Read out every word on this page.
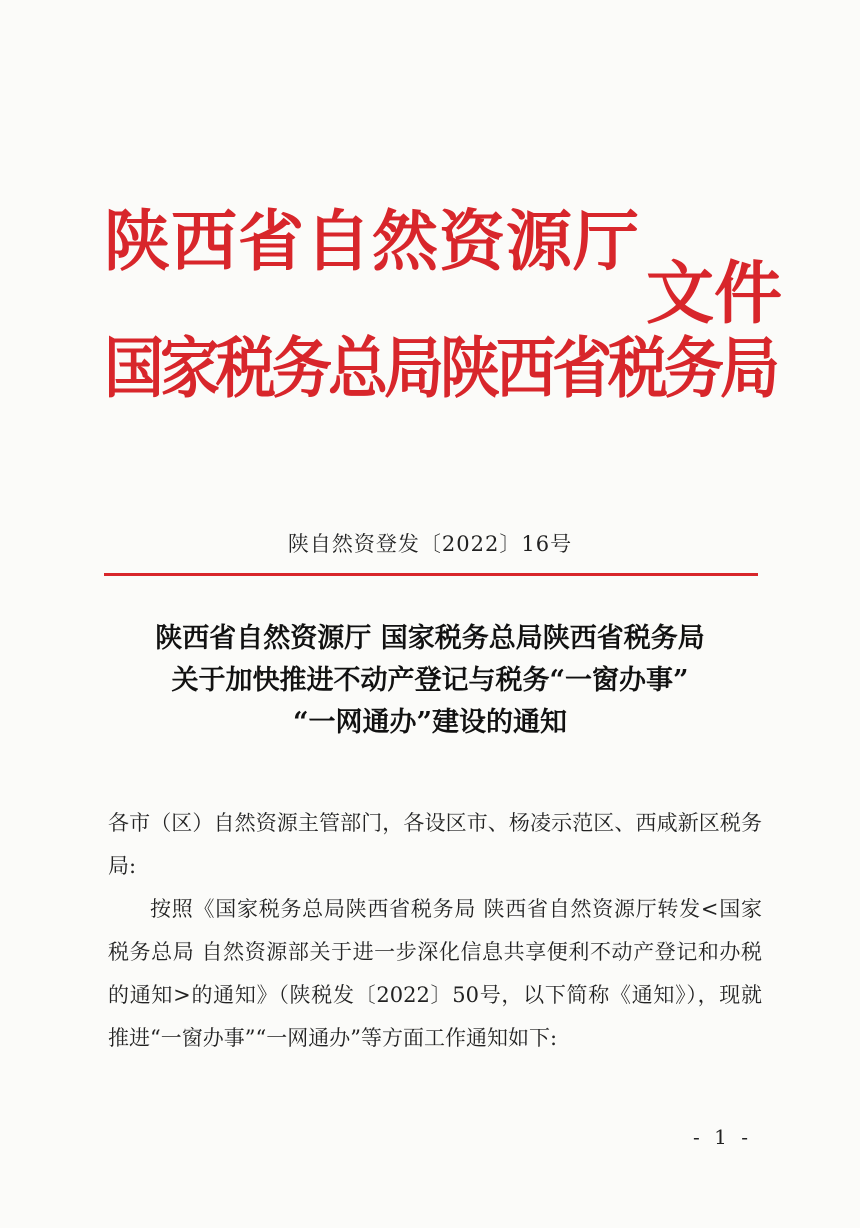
陕西省自然资源厅
国家税务总局陕西省税务局
文件
陕自然资登发〔2022〕16号
陕西省自然资源厅 国家税务总局陕西省税务局
关于加快推进不动产登记与税务“一窗办事”
“一网通办”建设的通知

各市（区）自然资源主管部门，各设区市、杨凌示范区、西咸新区税务局:

按照《国家税务总局陕西省税务局 陕西省自然资源厅转发<国家税务总局 自然资源部关于进一步深化信息共享便利不动产登记和办税的通知>的通知》（陕税发〔2022〕50号，以下简称《通知》），现就推进“一窗办事”“一网通办”等方面工作通知如下:

- 1 -
